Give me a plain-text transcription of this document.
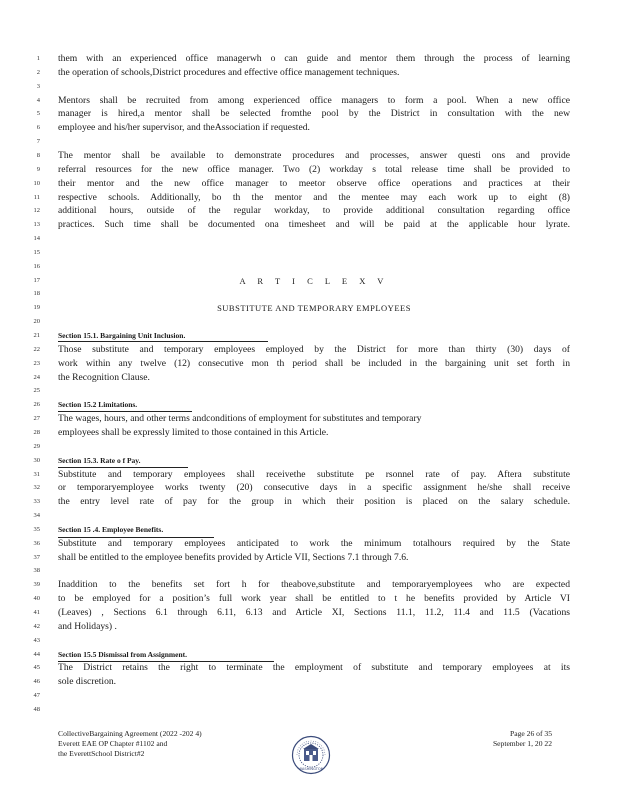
1 them with an experienced office managerwh o can guide and mentor them through the process of learning
2 the operation of schools,District procedures and effective office management techniques.
3
4 Mentors shall be recruited from among experienced office managers to form a pool. When a new office
5 manager is hired,a mentor shall be selected fromthe pool by the District in consultation with the new
6 employee and his/her supervisor, and theAssociation if requested.
7
8 The mentor shall be available to demonstrate procedures and processes, answer questi ons and provide
9 referral resources for the new office manager. Two (2) workday s total release time shall be provided to
10 their mentor and the new office manager to meetor observe office operations and practices at their
11 respective schools. Additionally, bo th the mentor and the mentee may each work up to eight (8)
12 additional hours, outside of the regular workday, to provide additional consultation regarding office
13 practices. Such time shall be documented ona timesheet and will be paid at the applicable hour lyrate.
14
15
16
17	A R T I C L E X V
18
19	SUBSTITUTE AND TEMPORARY EMPLOYEES
20
21 Section 15.1. Bargaining Unit Inclusion.
22 Those substitute and temporary employees employed by the District for more than thirty (30) days of
23 work within any twelve (12) consecutive mon th period shall be included in the bargaining unit set forth in
24 the Recognition Clause.
25
26 Section 15.2 Limitations.
27 The wages, hours, and other terms andconditions of employment for substitutes and temporary
28 employees shall be expressly limited to those contained in this Article.
29
30 Section 15.3. Rate o f Pay.
31 Substitute and temporary employees shall receivethe substitute pe rsonnel rate of pay. Aftera substitute
32 or temporaryemployee works twenty (20) consecutive days in a specific assignment he/she shall receive
33 the entry level rate of pay for the group in which their position is placed on the salary schedule.
34
35 Section 15 .4. Employee Benefits.
36 Substitute and temporary employees anticipated to work the minimum totalhours required by the State
37 shall be entitled to the employee benefits provided by Article VII, Sections 7.1 through 7.6.
38
39 Inaddition to the benefits set fort h for theabove,substitute and temporaryemployees who are expected
40 to be employed for a position’s full work year shall be entitled to t he benefits provided by Article VI
41 (Leaves) , Sections 6.1 through 6.11, 6.13 and Article XI, Sections 11.1, 11.2, 11.4 and 11.5 (Vacations
42 and Holidays) .
43
44 Section 15.5 Dismissal from Assignment.
45 The District retains the right to terminate the employment of substitute and temporary employees at its
46 sole discretion.
47
48
CollectiveBargaining Agreement (2022 -202 4)
Everett EAE OP Chapter #1102 and
the EverettSchool District#2
Page 26 of 35
September 1, 20 22
WASHINGTON
